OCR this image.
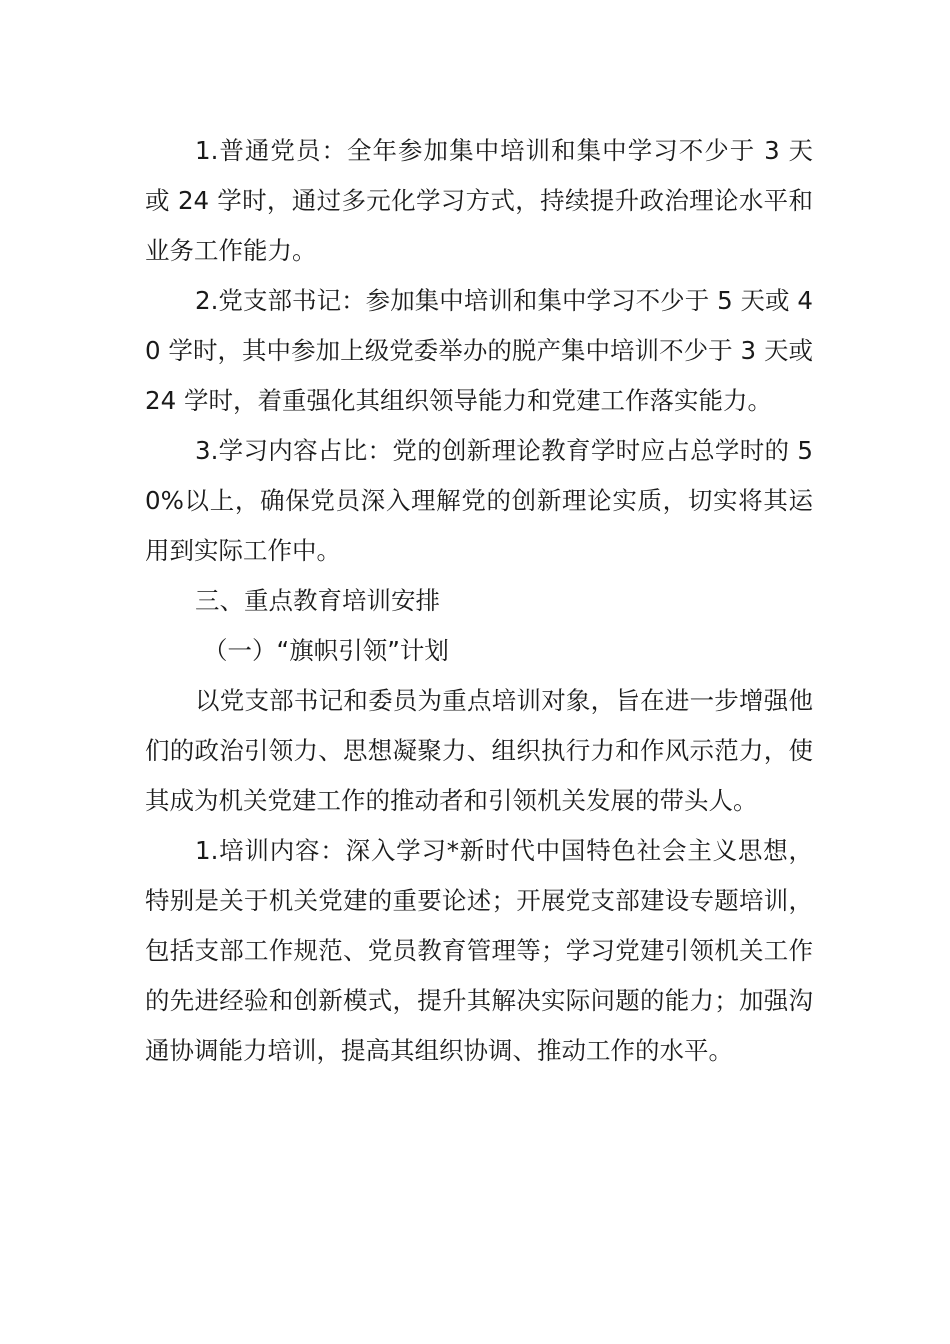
1.普通党员：全年参加集中培训和集中学习不少于 3 天或 24 学时，通过多元化学习方式，持续提升政治理论水平和业务工作能力。

2.党支部书记：参加集中培训和集中学习不少于 5 天或 40 学时，其中参加上级党委举办的脱产集中培训不少于 3 天或 24 学时，着重强化其组织领导能力和党建工作落实能力。

3.学习内容占比：党的创新理论教育学时应占总学时的 50%以上，确保党员深入理解党的创新理论实质，切实将其运用到实际工作中。

三、重点教育培训安排

（一）“旗帜引领”计划

以党支部书记和委员为重点培训对象，旨在进一步增强他们的政治引领力、思想凝聚力、组织执行力和作风示范力，使其成为机关党建工作的推动者和引领机关发展的带头人。

1.培训内容：深入学习*新时代中国特色社会主义思想，特别是关于机关党建的重要论述；开展党支部建设专题培训，包括支部工作规范、党员教育管理等；学习党建引领机关工作的先进经验和创新模式，提升其解决实际问题的能力；加强沟通协调能力培训，提高其组织协调、推动工作的水平。
